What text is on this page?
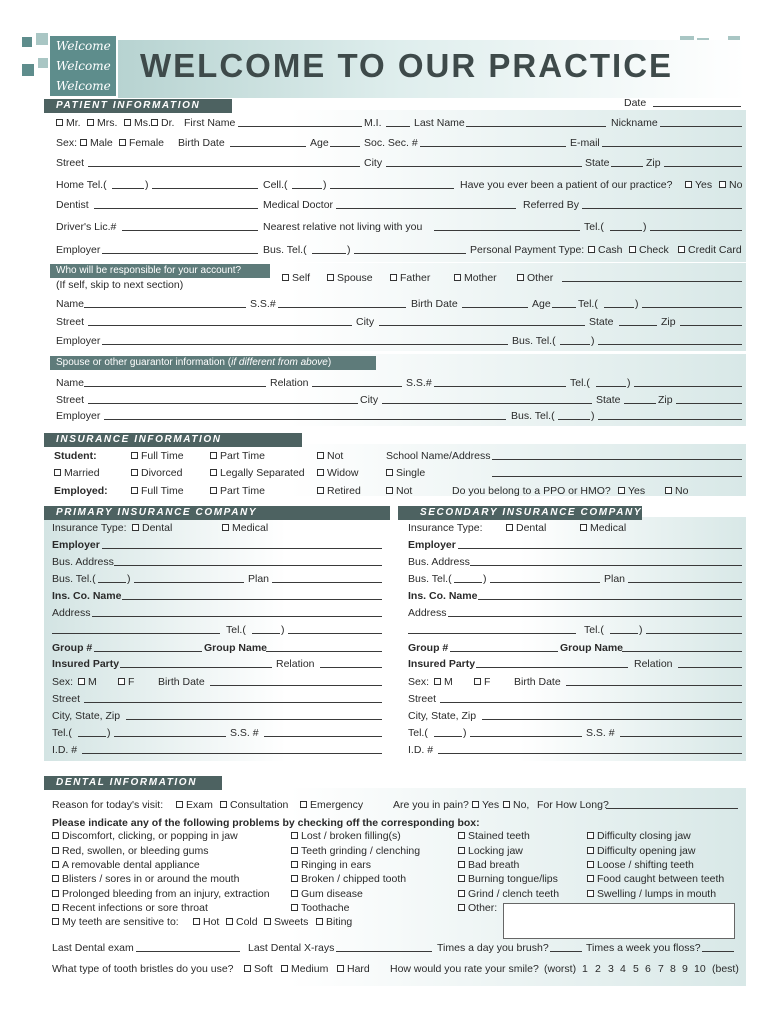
Welcome
Welcome
Welcome
WELCOME TO OUR PRACTICE
PATIENT INFORMATION	Date
Mr.	Mrs.	Ms. Dr. First Name	M.I.	Last Name	Nickname
Sex:	Male	Female Birth Date	Age	Soc. Sec. #	E-mail
Street	City	State	Zip
Home Tel.(	)	Cell.(	)	Have you ever been a patient of our practice?	Yes	No
Dentist	Medical Doctor	Referred By
Driver's Lic.#	Nearest relative not living with you	Tel.(	)
Employer	Bus. Tel.(	)	Personal Payment Type:	Cash	Check	Credit Card
Who will be responsible for your account?
Self	Spouse	Father	Mother	Other
(If self, skip to next section)
Name	S.S.#	Birth Date	Age	Tel.(	)
Street	City	State	Zip
Employer	Bus. Tel.(	)
Spouse or other guarantor information (if different from above)
Name	Relation	S.S.#	Tel.(	)
Street	City	State	Zip
Employer	Bus. Tel.(	)
INSURANCE INFORMATION
Student:	Full Time	Part Time	Not	School Name/Address
Married	Divorced	Legally Separated	Widow	Single
Employed:	Full Time	Part Time	Retired	Not	Do you belong to a PPO or HMO?	Yes	No
PRIMARY INSURANCE COMPANY	SECONDARY INSURANCE COMPANY
Insurance Type:	Dental	Medical
Employer
Bus. Address
Bus. Tel.(	)	Plan
Ins. Co. Name
Address
Tel.(	)
Group #	Group Name
Insured Party	Relation
Sex:	M	F Birth Date
Street
City, State, Zip
Tel.(	)	S.S. #
I.D. #
Insurance Type:	Dental	Medical
Employer
Bus. Address
Bus. Tel.(	)	Plan
Ins. Co. Name
Address
Tel.(	)
Group #	Group Name
Insured Party	Relation
Sex:	M	F Birth Date
Street
City, State, Zip
Tel.(	)	S.S. #
I.D. #
DENTAL INFORMATION
Reason for today's visit:	Exam	Consultation	Emergency	Are you in pain?	Yes	No, For How Long?
Please indicate any of the following problems by checking off the corresponding box:
Discomfort, clicking, or popping in jaw
Red, swollen, or bleeding gums
A removable dental appliance
Blisters / sores in or around the mouth
Prolonged bleeding from an injury, extraction
Recent infections or sore throat
My teeth are sensitive to:	Hot	Cold	Sweets	Biting
Lost / broken filling(s)
Teeth grinding / clenching
Ringing in ears
Broken / chipped tooth
Gum disease
Toothache
Stained teeth
Locking jaw
Bad breath
Burning tongue/lips
Grind / clench teeth
Other:
Difficulty closing jaw
Difficulty opening jaw
Loose / shifting teeth
Food caught between teeth
Swelling / lumps in mouth
Last Dental exam	Last Dental X-rays	Times a day you brush?	Times a week you floss?
What type of tooth bristles do you use?	Soft	Medium	Hard How would you rate your smile? (worst) 1 2 3 4 5 6 7 8 9 10 (best)
